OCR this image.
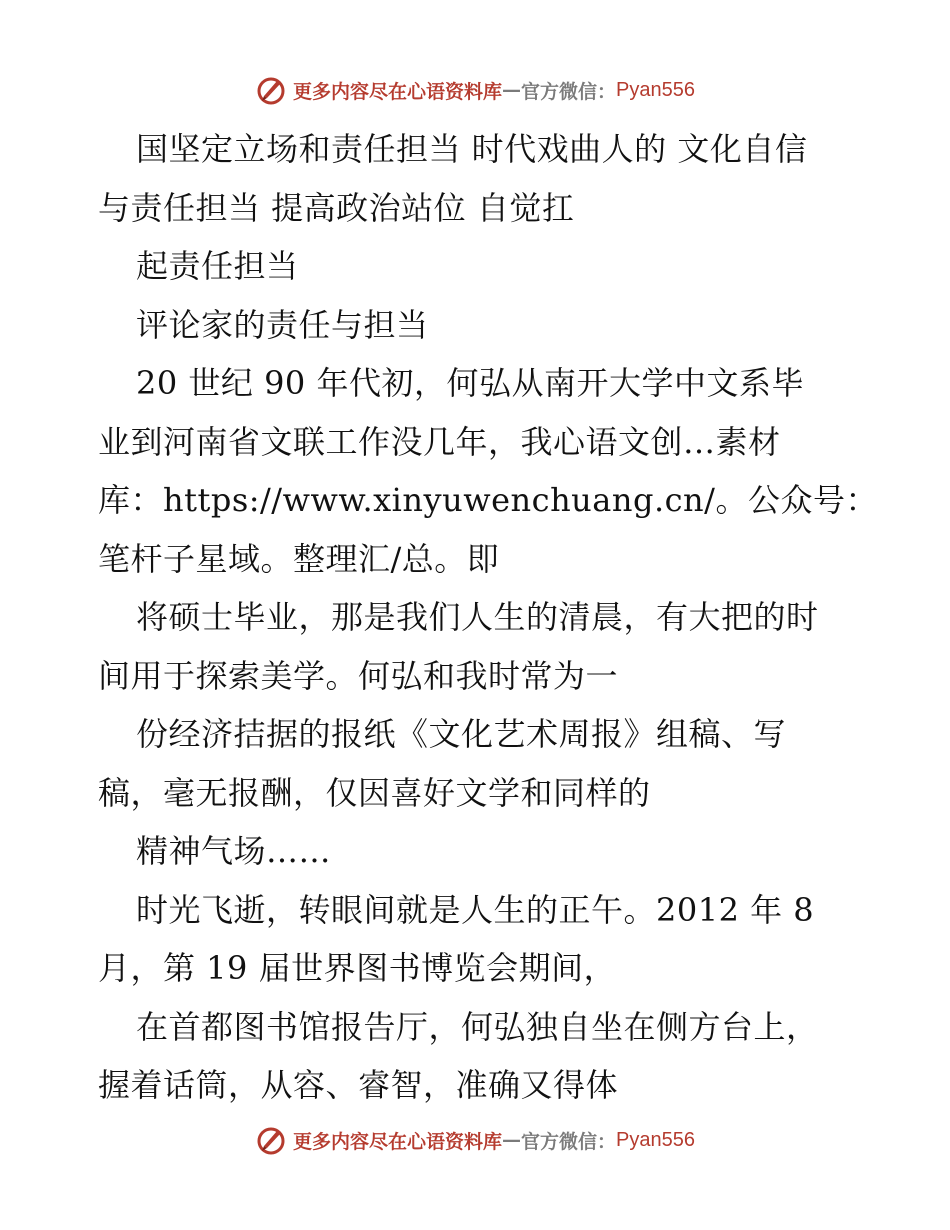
更多内容尽在心语资料库 — 官方微信： Pyan556
国坚定立场和责任担当 时代戏曲人的 文化自信
与责任担当 提高政治站位 自觉扛
起责任担当
评论家的责任与担当
20 世纪 90 年代初，何弘从南开大学中文系毕
业到河南省文联工作没几年，我心语文创…素材
库：https://www.xinyuwenchuang.cn/。公众号：
笔杆子星域。整理汇/总。即
将硕士毕业，那是我们人生的清晨，有大把的时
间用于探索美学。何弘和我时常为一
份经济拮据的报纸《文化艺术周报》组稿、写
稿，毫无报酬，仅因喜好文学和同样的
精神气场……
时光飞逝，转眼间就是人生的正午。2012 年 8
月，第 19 届世界图书博览会期间，
在首都图书馆报告厅，何弘独自坐在侧方台上，
握着话筒，从容、睿智，准确又得体
更多内容尽在心语资料库 — 官方微信： Pyan556
